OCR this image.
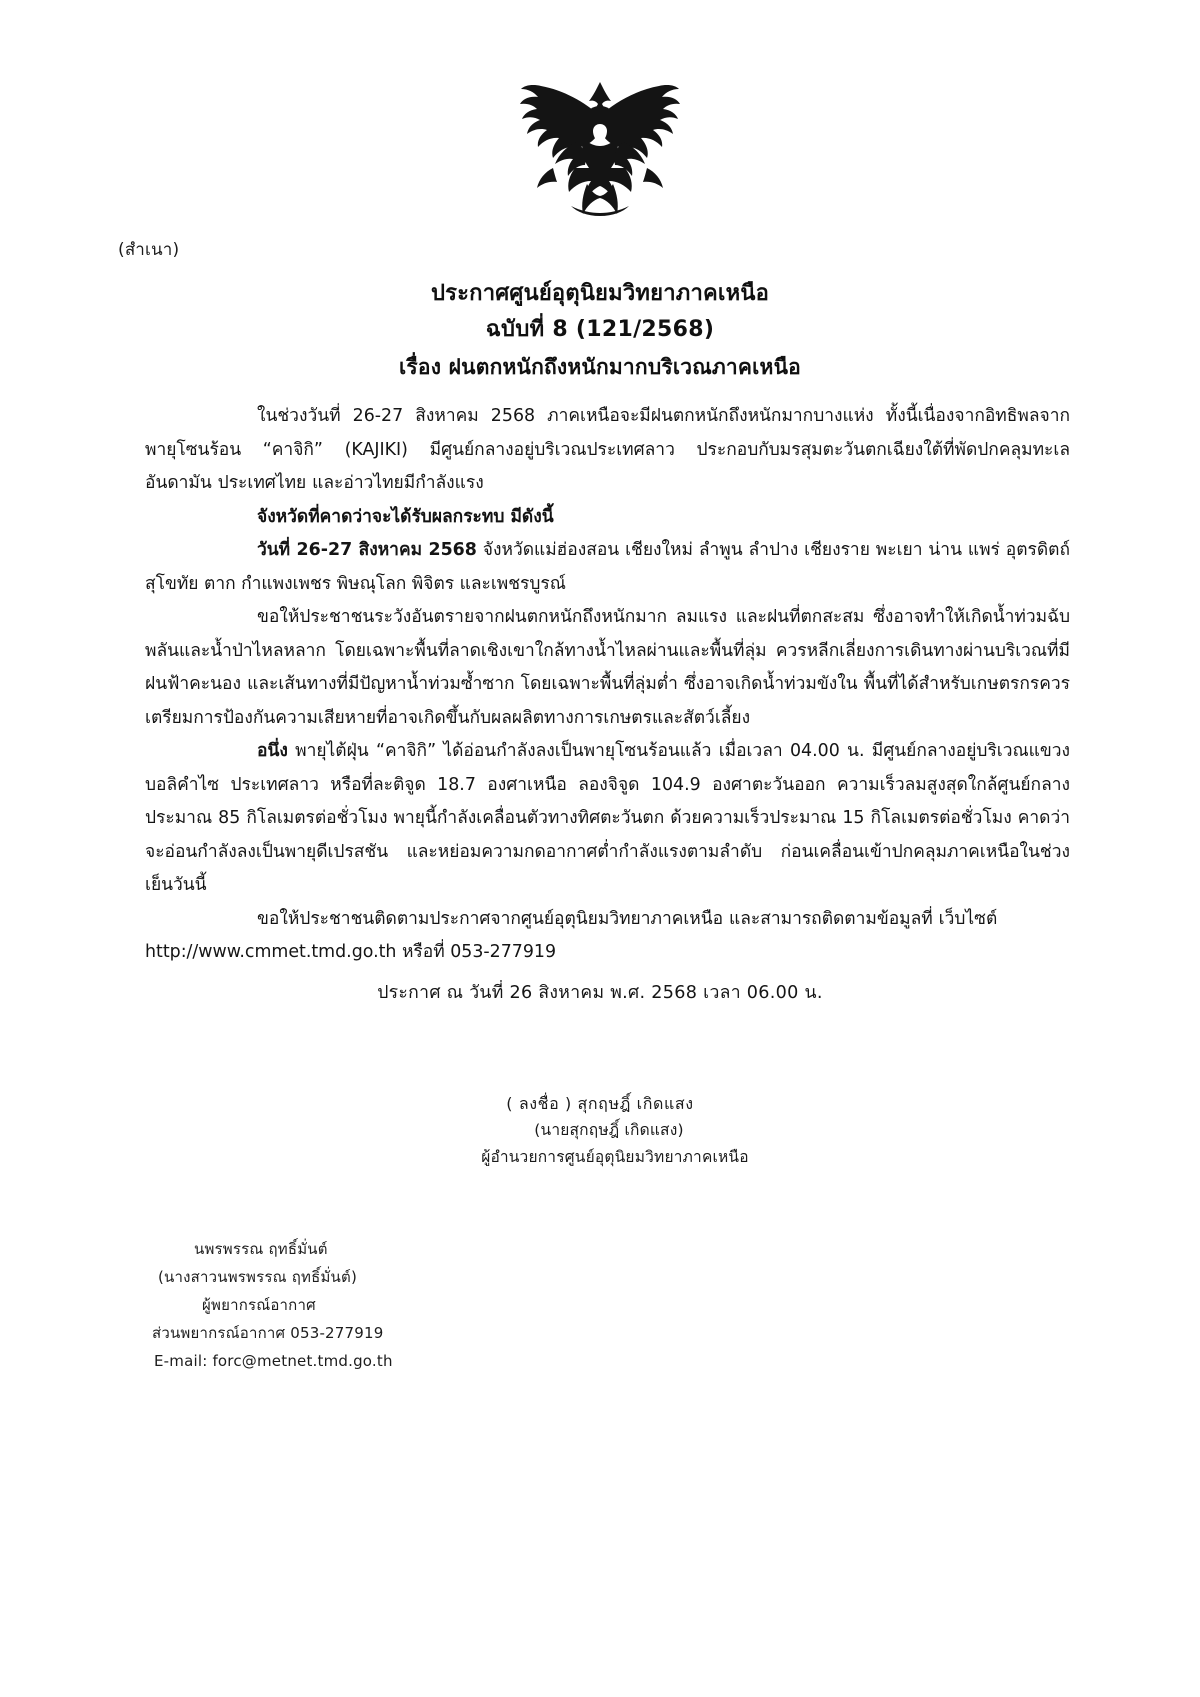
(สำเนา)
ประกาศศูนย์อุตุนิยมวิทยาภาคเหนือ
ฉบับที่ 8 (121/2568)
เรื่อง ฝนตกหนักถึงหนักมากบริเวณภาคเหนือ

ในช่วงวันที่ 26-27 สิงหาคม 2568 ภาคเหนือจะมีฝนตกหนักถึงหนักมากบางแห่ง ทั้งนี้เนื่องจากอิทธิพลจากพายุโซนร้อน “คาจิกิ” (KAJIKI) มีศูนย์กลางอยู่บริเวณประเทศลาว ประกอบกับมรสุมตะวันตกเฉียงใต้ที่พัดปกคลุมทะเลอันดามัน ประเทศไทย และอ่าวไทยมีกำลังแรง

จังหวัดที่คาดว่าจะได้รับผลกระทบ มีดังนี้

วันที่ 26-27 สิงหาคม 2568 จังหวัดแม่ฮ่องสอน เชียงใหม่ ลำพูน ลำปาง เชียงราย พะเยา น่าน แพร่ อุตรดิตถ์ สุโขทัย ตาก กำแพงเพชร พิษณุโลก พิจิตร และเพชรบูรณ์

ขอให้ประชาชนระวังอันตรายจากฝนตกหนักถึงหนักมาก ลมแรง และฝนที่ตกสะสม ซึ่งอาจทำให้เกิดน้ำท่วมฉับพลันและน้ำป่าไหลหลาก โดยเฉพาะพื้นที่ลาดเชิงเขาใกล้ทางน้ำไหลผ่านและพื้นที่ลุ่ม ควรหลีกเลี่ยงการเดินทางผ่านบริเวณที่มีฝนฟ้าคะนอง และเส้นทางที่มีปัญหาน้ำท่วมซ้ำซาก โดยเฉพาะพื้นที่ลุ่มต่ำ ซึ่งอาจเกิดน้ำท่วมขังใน พื้นที่ได้สำหรับเกษตรกรควรเตรียมการป้องกันความเสียหายที่อาจเกิดขึ้นกับผลผลิตทางการเกษตรและสัตว์เลี้ยง

อนึ่ง พายุไต้ฝุ่น “คาจิกิ” ได้อ่อนกำลังลงเป็นพายุโซนร้อนแล้ว เมื่อเวลา 04.00 น. มีศูนย์กลางอยู่บริเวณแขวงบอลิคำไซ ประเทศลาว หรือที่ละติจูด 18.7 องศาเหนือ ลองจิจูด 104.9 องศาตะวันออก ความเร็วลมสูงสุดใกล้ศูนย์กลางประมาณ 85 กิโลเมตรต่อชั่วโมง พายุนี้กำลังเคลื่อนตัวทางทิศตะวันตก ด้วยความเร็วประมาณ 15 กิโลเมตรต่อชั่วโมง คาดว่าจะอ่อนกำลังลงเป็นพายุดีเปรสชัน และหย่อมความกดอากาศต่ำกำลังแรงตามลำดับ ก่อนเคลื่อนเข้าปกคลุมภาคเหนือในช่วงเย็นวันนี้

ขอให้ประชาชนติดตามประกาศจากศูนย์อุตุนิยมวิทยาภาคเหนือ และสามารถติดตามข้อมูลที่ เว็บไซต์

http://www.cmmet.tmd.go.th หรือที่ 053-277919

ประกาศ ณ วันที่ 26 สิงหาคม พ.ศ. 2568 เวลา 06.00 น.
( ลงชื่อ ) สุกฤษฎิ์ เกิดแสง
(นายสุกฤษฎิ์ เกิดแสง)
ผู้อำนวยการศูนย์อุตุนิยมวิทยาภาคเหนือ
นพรพรรณ ฤทธิ์มั่นต์
(นางสาวนพรพรรณ ฤทธิ์มั่นต์)
ผู้พยากรณ์อากาศ
ส่วนพยากรณ์อากาศ 053-277919
E-mail: forc@metnet.tmd.go.th
